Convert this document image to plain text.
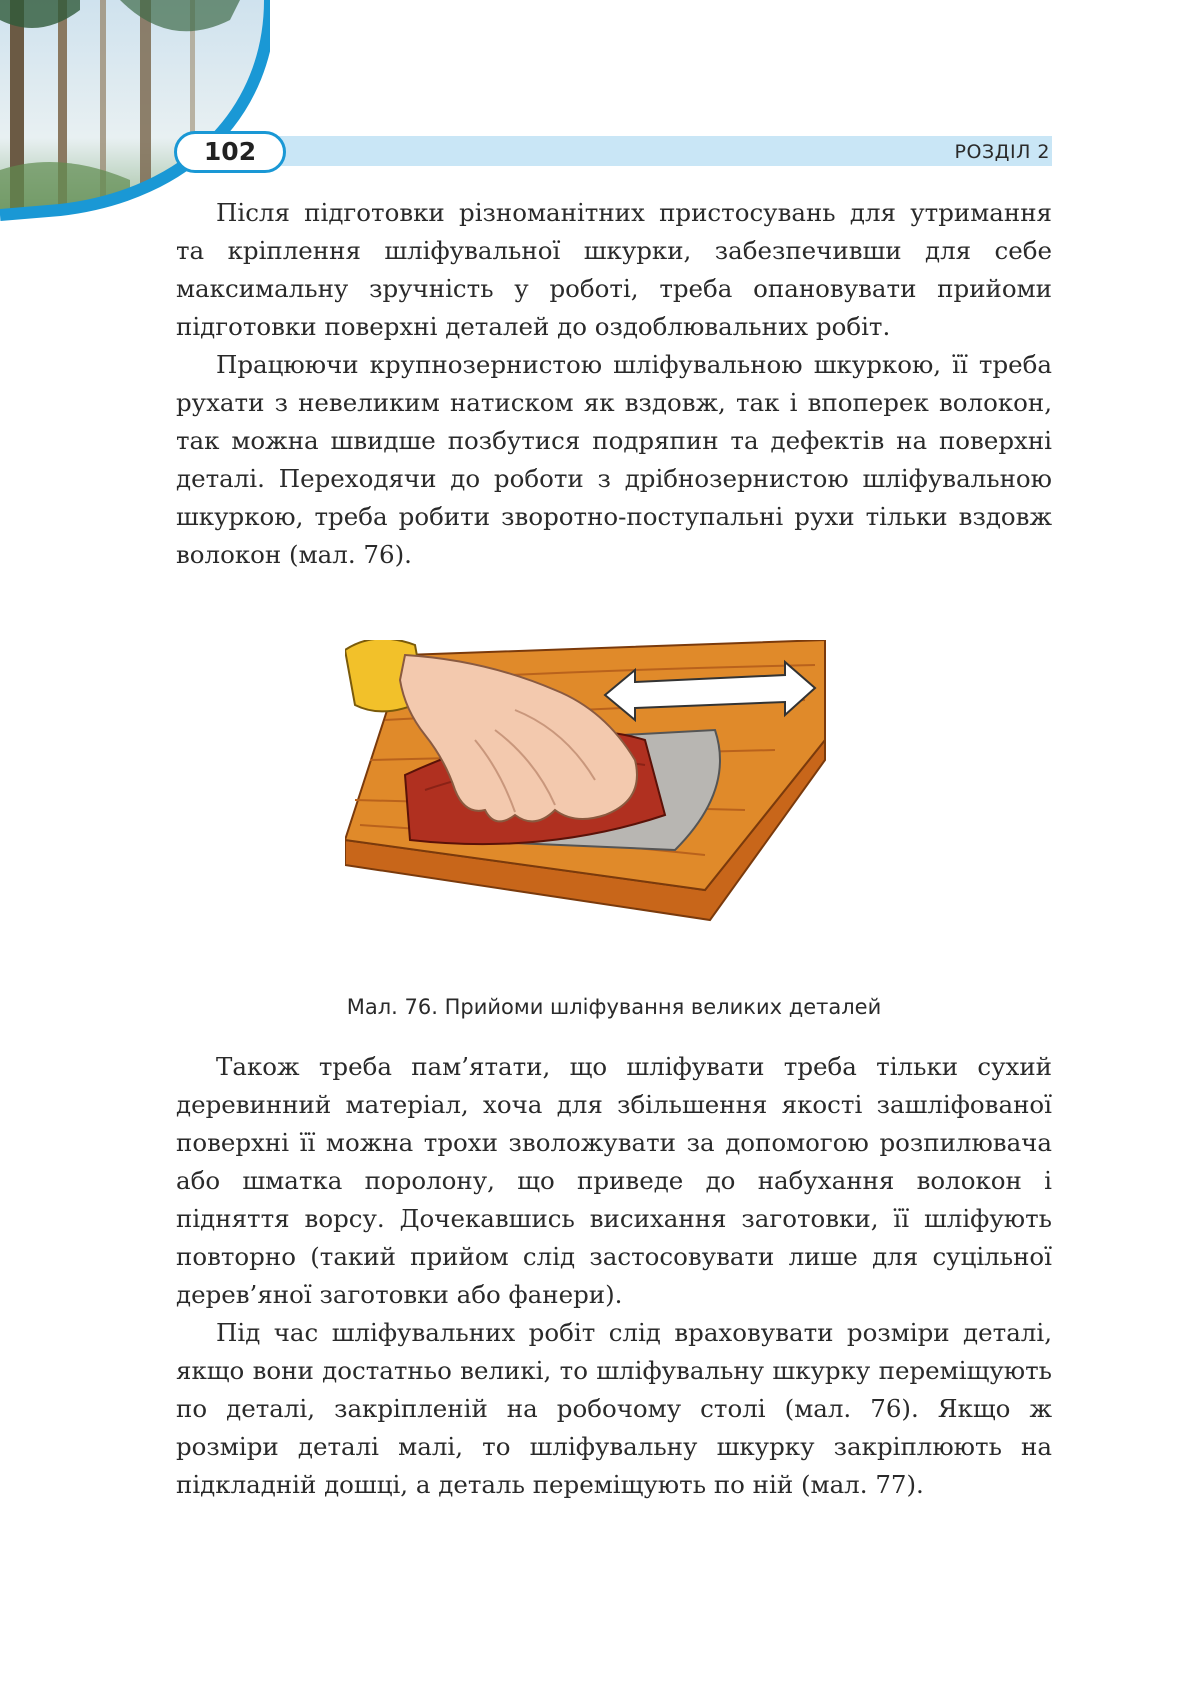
102	РОЗДІЛ 2

Після підготовки різноманітних пристосувань для утримання та кріплення шліфувальної шкурки, забезпечивши для себе максимальну зручність у роботі, треба опановувати прийоми підготовки поверхні деталей до оздоблювальних робіт.

Працюючи крупнозернистою шліфувальною шкуркою, її треба рухати з невеликим натиском як вздовж, так і впоперек волокон, так можна швидше позбутися подряпин та дефектів на поверхні деталі. Переходячи до роботи з дрібнозернистою шліфувальною шкуркою, треба робити зворотно-поступальні рухи тільки вздовж волокон (мал. 76).

Мал. 76. Прийоми шліфування великих деталей

Також треба пам’ятати, що шліфувати треба тільки сухий деревинний матеріал, хоча для збільшення якості зашліфованої поверхні її можна трохи зволожувати за допомогою розпилювача або шматка поролону, що приведе до набухання волокон і підняття ворсу. Дочекавшись висихання заготовки, її шліфують повторно (такий прийом слід застосовувати лише для суцільної дерев’яної заготовки або фанери).

Під час шліфувальних робіт слід враховувати розміри деталі, якщо вони достатньо великі, то шліфувальну шкурку переміщують по деталі, закріпленій на робочому столі (мал. 76). Якщо ж розміри деталі малі, то шліфувальну шкурку закріплюють на підкладній дошці, а деталь переміщують по ній (мал. 77).
